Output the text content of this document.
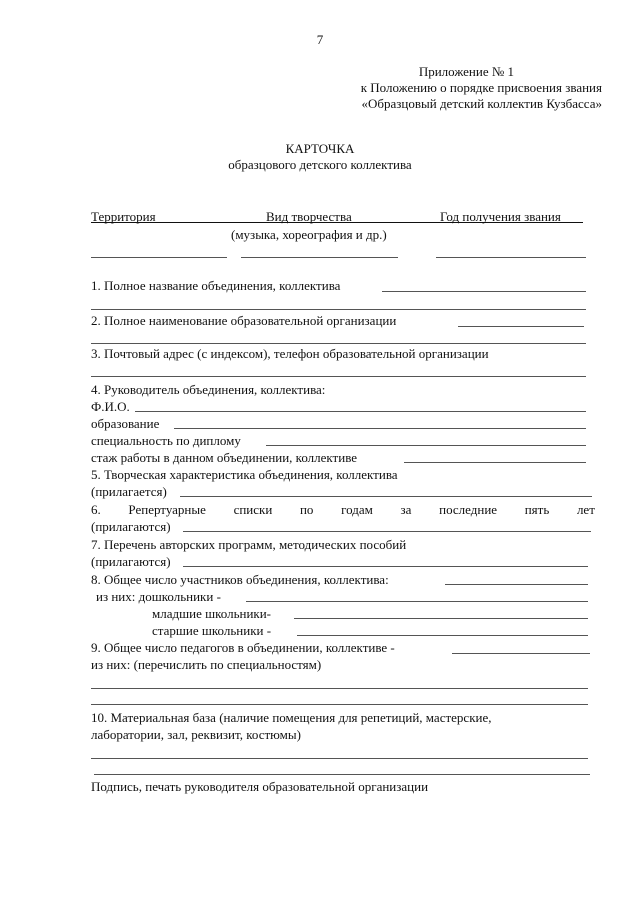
7
Приложение № 1
к Положению о порядке присвоения звания
«Образцовый детский коллектив Кузбасса»
КАРТОЧКА
образцового детского коллектива
Территория	Вид творчества	Год получения звания
(музыка, хореография и др.)
1. Полное название объединения, коллектива
2. Полное наименование образовательной организации
3. Почтовый адрес (с индексом), телефон образовательной организации
4. Руководитель объединения, коллектива:
Ф.И.О.
образование
специальность по диплому
стаж работы в данном объединении, коллективе
5. Творческая характеристика объединения, коллектива
(прилагается)
6. Репертуарные списки по годам за последние пять лет
(прилагаются)
7. Перечень авторских программ, методических пособий
(прилагаются)
8. Общее число участников объединения, коллектива:
из них: дошкольники -
младшие школьники-
старшие школьники -
9. Общее число педагогов в объединении, коллективе -
из них: (перечислить по специальностям)
10. Материальная база (наличие помещения для репетиций, мастерские,
лаборатории, зал, реквизит, костюмы)
Подпись, печать руководителя образовательной организации
